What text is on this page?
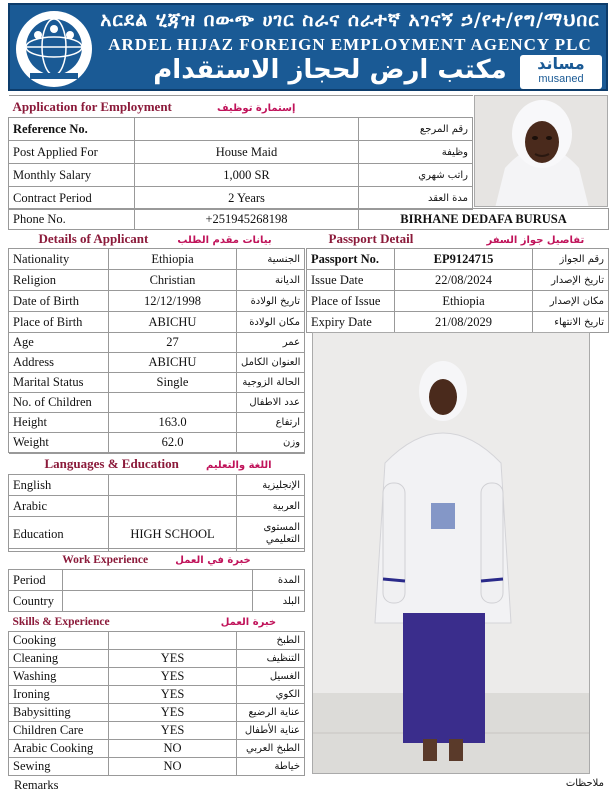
አርደል ሂጃዝ በውጭ ሀገር ስራና ሰራተኛ አገናኝ ኃ/የተ/የግ/ማህበር
ARDEL HIJAZ FOREIGN EMPLOYMENT AGENCY PLC
مكتب ارض لحجاز الاستقدام	مساند
musaned
Application for Employment إستمارة توظيف		
Reference No.		رقم المرجع
Post Applied For	House Maid	وظيفة
Monthly Salary	1,000 SR	راتب شهري
Contract Period	2 Years	مدة العقد
Phone No.	+251945268198	BIRHANE DEDAFA BURUSA
Details of Applicant بيانات مقدم الطلب		
Nationality	Ethiopia	الجنسية
Religion	Christian	الديانة
Date of Birth	12/12/1998	تاريخ الولادة
Place of Birth	ABICHU	مكان الولادة
Age	27	عمر
Address	ABICHU	العنوان الكامل
Marital Status	Single	الحالة الزوجية
No. of Children		عدد الاطفال
Height	163.0	ارتفاع
Weight	62.0	وزن
Passport Detail تفاصيل جواز السفر		
Passport No.	EP9124715	رقم الجواز
Issue Date	22/08/2024	تاريخ الإصدار
Place of Issue	Ethiopia	مكان الإصدار
Expiry Date	21/08/2029	تاريخ الانتهاء
Languages & Education اللغة والتعليم		
English		الإنجليزية
Arabic		العربية
Education	HIGH SCHOOL	المستوى التعليمي
Work Experience خبرة في العمل		
Period		المدة
Country		البلد
Skills & Experience خبرة العمل		
Cooking		الطبخ
Cleaning	YES	التنظيف
Washing	YES	الغسيل
Ironing	YES	الكوي
Babysitting	YES	عناية الرضيع
Children Care	YES	عناية الأطفال
Arabic Cooking	NO	الطبخ العربي
Sewing	NO	خياطة
Remarks	ملاحظات
